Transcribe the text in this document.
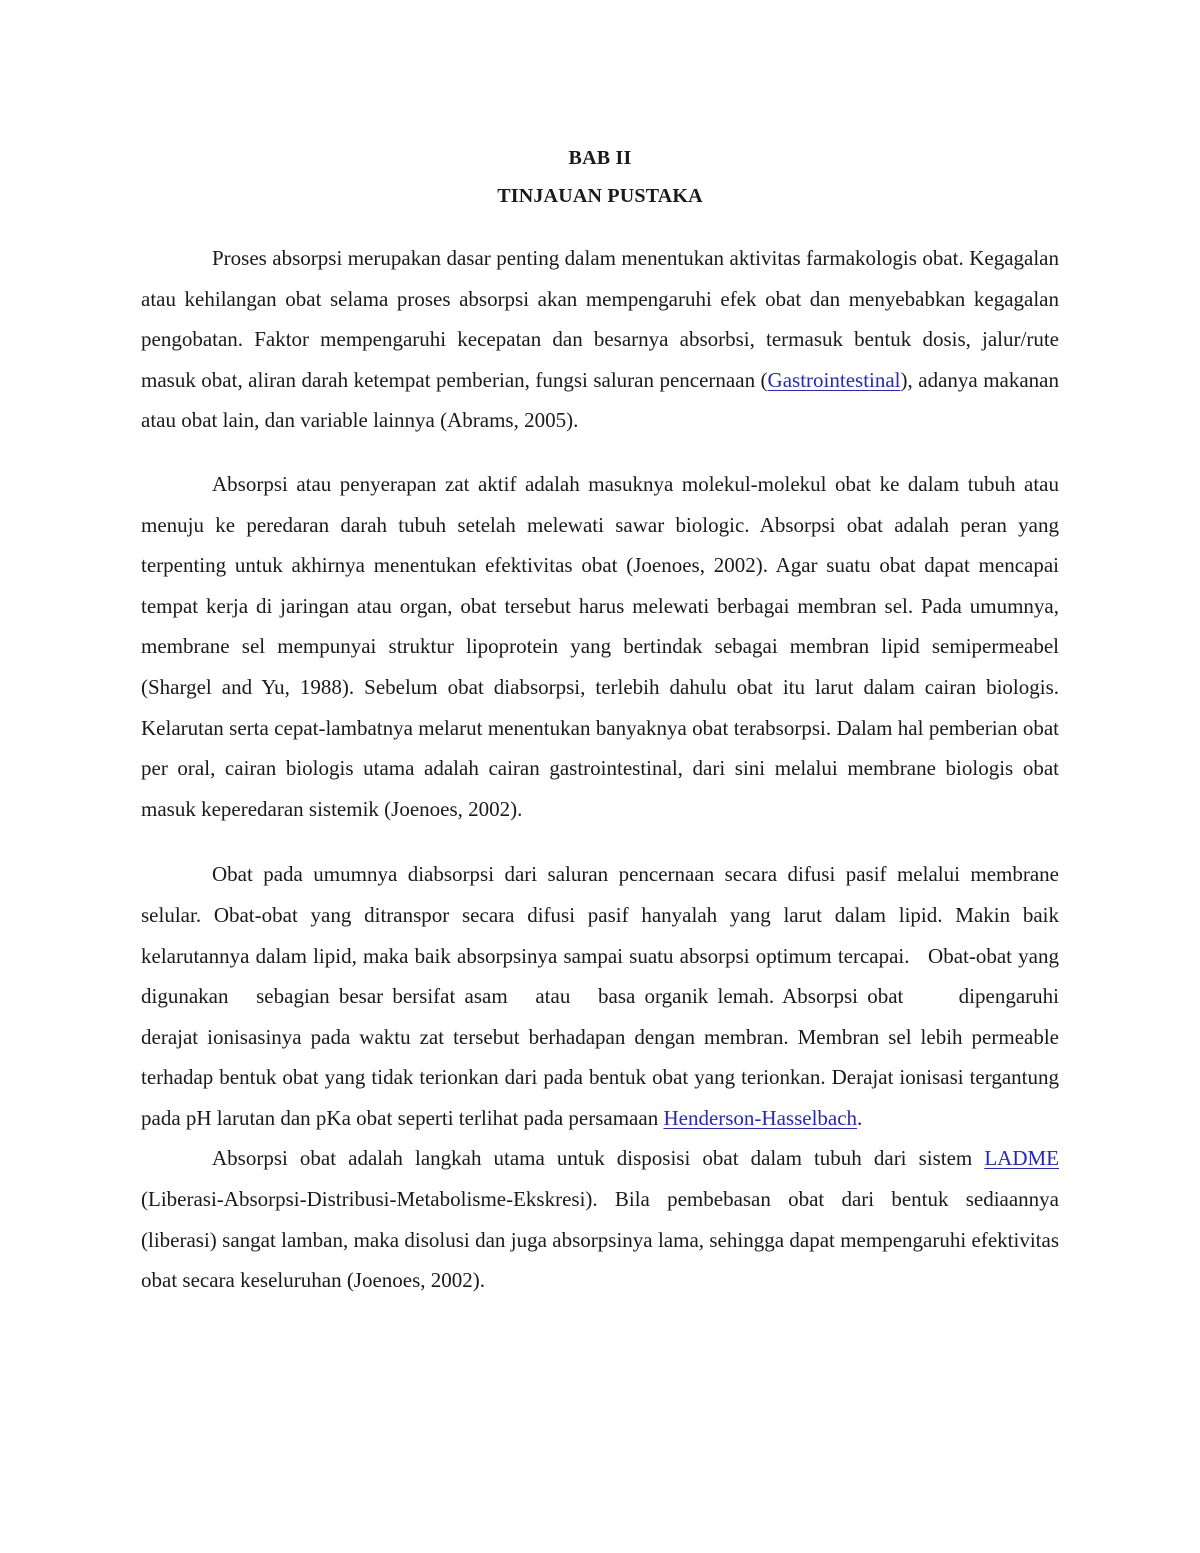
BAB II
TINJAUAN PUSTAKA

Proses absorpsi merupakan dasar penting dalam menentukan aktivitas farmakologis obat. Kegagalan atau kehilangan obat selama proses absorpsi akan mempengaruhi efek obat dan menyebabkan kegagalan pengobatan. Faktor mempengaruhi kecepatan dan besarnya absorbsi, termasuk bentuk dosis, jalur/rute masuk obat, aliran darah ketempat pemberian, fungsi saluran pencernaan (Gastrointestinal), adanya makanan atau obat lain, dan variable lainnya (Abrams, 2005).

Absorpsi atau penyerapan zat aktif adalah masuknya molekul-molekul obat ke dalam tubuh atau menuju ke peredaran darah tubuh setelah melewati sawar biologic. Absorpsi obat adalah peran yang terpenting untuk akhirnya menentukan efektivitas obat (Joenoes, 2002). Agar suatu obat dapat mencapai tempat kerja di jaringan atau organ, obat tersebut harus melewati berbagai membran sel. Pada umumnya, membrane sel mempunyai struktur lipoprotein yang bertindak sebagai membran lipid semipermeabel (Shargel and Yu, 1988). Sebelum obat diabsorpsi, terlebih dahulu obat itu larut dalam cairan biologis. Kelarutan serta cepat-lambatnya melarut menentukan banyaknya obat terabsorpsi. Dalam hal pemberian obat per oral, cairan biologis utama adalah cairan gastrointestinal, dari sini melalui membrane biologis obat masuk keperedaran sistemik (Joenoes, 2002).

Obat pada umumnya diabsorpsi dari saluran pencernaan secara difusi pasif melalui membrane selular. Obat-obat yang ditranspor secara difusi pasif hanyalah yang larut dalam lipid. Makin baik kelarutannya dalam lipid, maka baik absorpsinya sampai suatu absorpsi optimum tercapai.   Obat-obat yang digunakan   sebagian besar bersifat asam   atau   basa organik lemah. Absorpsi obat      dipengaruhi      derajat ionisasinya pada waktu zat tersebut berhadapan dengan membran. Membran sel lebih permeable terhadap bentuk obat yang tidak terionkan dari pada bentuk obat yang terionkan. Derajat ionisasi tergantung pada pH larutan dan pKa obat seperti terlihat pada persamaan Henderson-Hasselbach.

Absorpsi obat adalah langkah utama untuk disposisi obat dalam tubuh dari sistem LADME (Liberasi-Absorpsi-Distribusi-Metabolisme-Ekskresi). Bila pembebasan obat dari bentuk sediaannya (liberasi) sangat lamban, maka disolusi dan juga absorpsinya lama, sehingga dapat mempengaruhi efektivitas obat secara keseluruhan (Joenoes, 2002).
